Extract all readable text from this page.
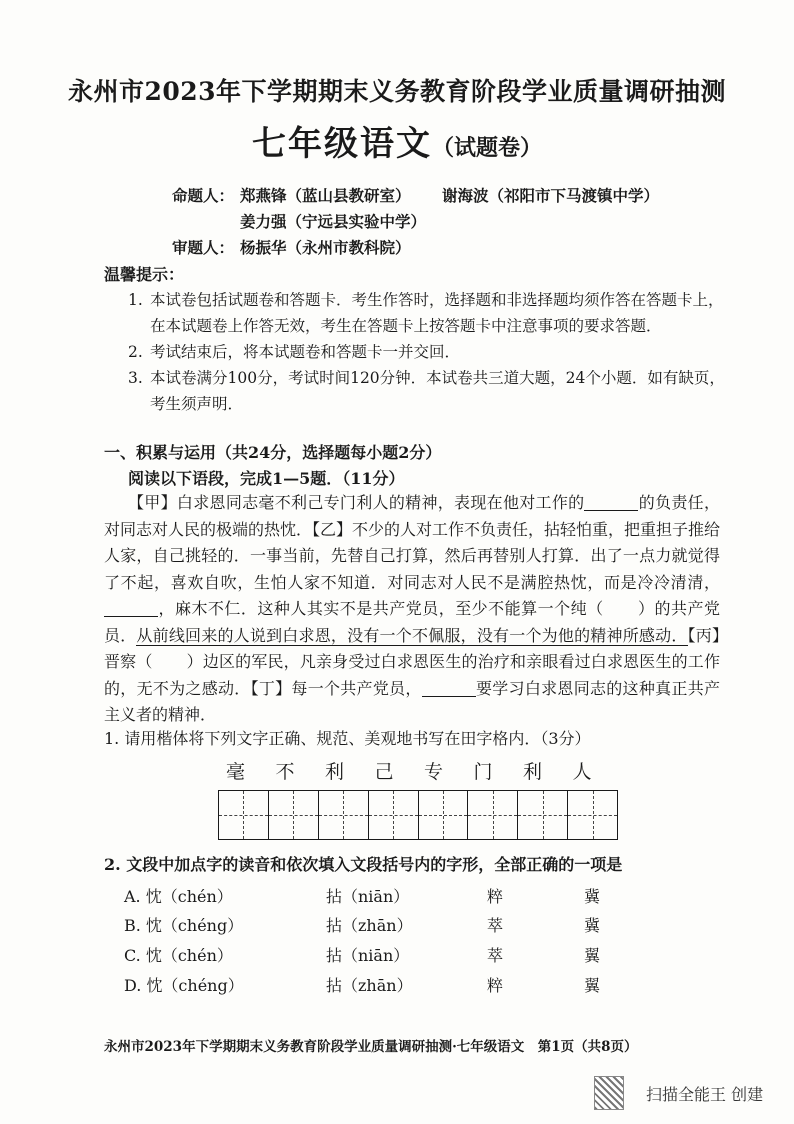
永州市2023年下学期期末义务教育阶段学业质量调研抽测
七年级语文（试题卷）
命题人： 郑燕锋（蓝山县教研室） 谢海波（祁阳市下马渡镇中学）
姜力强（宁远县实验中学）
审题人： 杨振华（永州市教科院）
温馨提示：
1. 本试卷包括试题卷和答题卡．考生作答时，选择题和非选择题均须作答在答题卡上，
在本试题卷上作答无效，考生在答题卡上按答题卡中注意事项的要求答题．
2. 考试结束后，将本试题卷和答题卡一并交回．
3. 本试卷满分100分，考试时间120分钟．本试卷共三道大题，24个小题．如有缺页，
考生须声明．
一、积累与运用（共24分，选择题每小题2分）
阅读以下语段，完成1—5题．（11分）

【甲】白求恩同志毫不利己专门利人的精神，表现在他对工作的	的负责任，对同志对人民的极端的热忱．【乙】不少的人对工作不负责任，拈轻怕重，把重担子推给人家，自己挑轻的．一事当前，先替自己打算，然后再替别人打算．出了一点力就觉得了不起，喜欢自吹，生怕人家不知道．对同志对人民不是满腔热忱，而是冷冷清清，，麻木不仁．这种人其实不是共产党员，至少不能算一个纯（ ）的共产党员．从前线回来的人说到白求恩，没有一个不佩服，没有一个为他的精神所感动．【丙】晋察（ ）边区的军民，凡亲身受过白求恩医生的治疗和亲眼看过白求恩医生的工作的，无不为之感动．【丁】每一个共产党员，	要学习白求恩同志的这种真正共产主义者的精神．

1. 请用楷体将下列文字正确、规范、美观地书写在田字格内．（3分）
毫 不 利 己 专 门 利 人
2. 文段中加点字的读音和依次填入文段括号内的字形，全部正确的一项是
A. 忱（chén）	拈（niān）	粹	冀
B. 忱（chéng）	拈（zhān）	萃	冀
C. 忱（chén）	拈（niān）	萃	翼
D. 忱（chéng）	拈（zhān）	粹	翼
永州市2023年下学期期末义务教育阶段学业质量调研抽测·七年级语文　第1页（共8页）
扫描全能王 创建
